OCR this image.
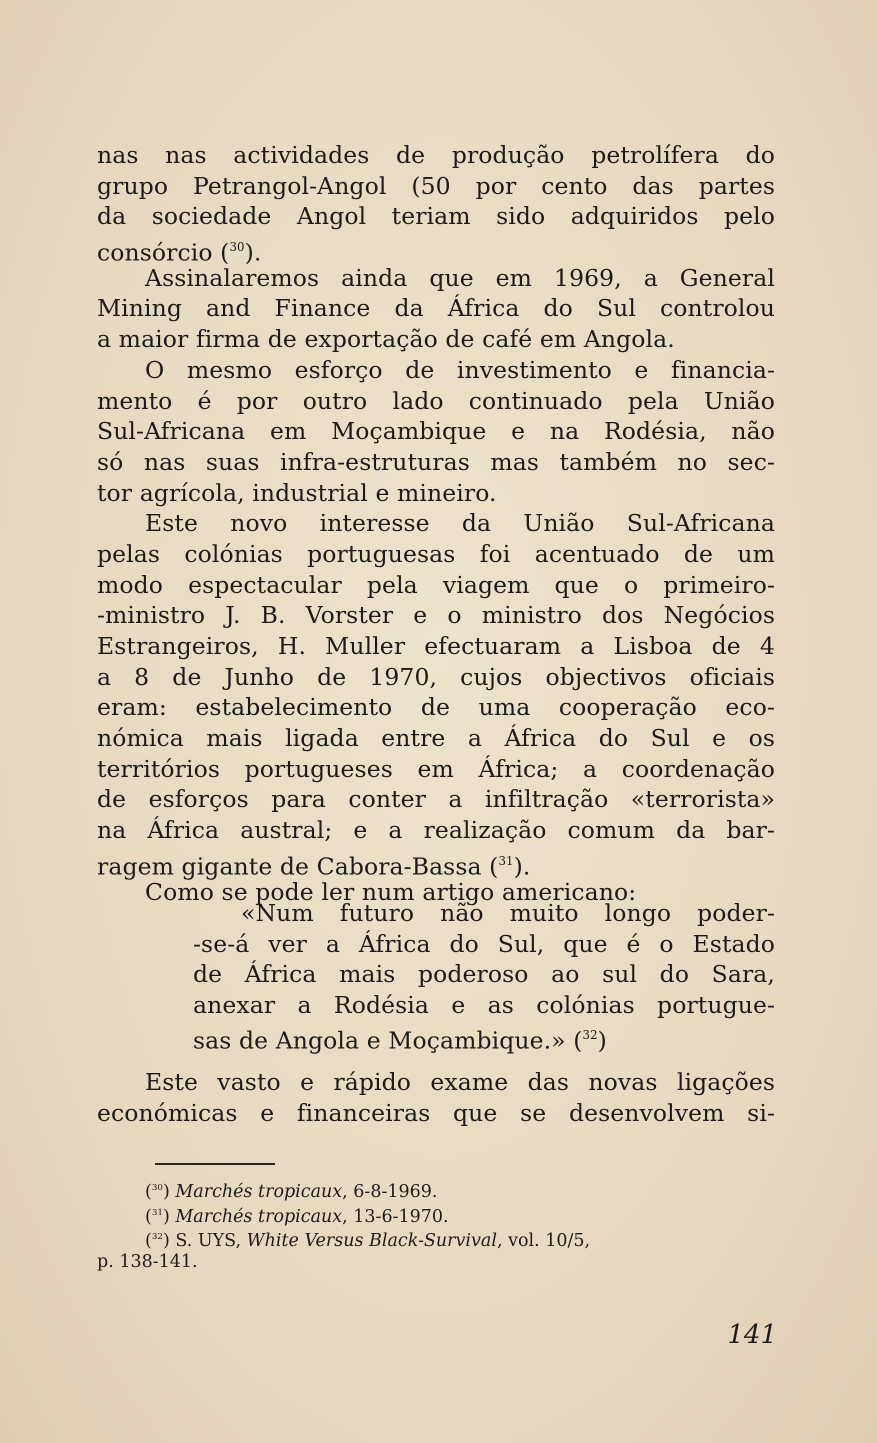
nas nas actividades de produção petrolífera do
grupo Petrangol-Angol (50 por cento das partes
da sociedade Angol teriam sido adquiridos pelo
consórcio ($^{30}$).
Assinalaremos ainda que em 1969, a General
Mining and Finance da África do Sul controlou
a maior firma de exportação de café em Angola.
O mesmo esforço de investimento e financia-
mento é por outro lado continuado pela União
Sul-Africana em Moçambique e na Rodésia, não
só nas suas infra-estruturas mas também no sec-
tor agrícola, industrial e mineiro.
Este novo interesse da União Sul-Africana
pelas colónias portuguesas foi acentuado de um
modo espectacular pela viagem que o primeiro-
-ministro J. B. Vorster e o ministro dos Negócios
Estrangeiros, H. Muller efectuaram a Lisboa de 4
a 8 de Junho de 1970, cujos objectivos oficiais
eram: estabelecimento de uma cooperação eco-
nómica mais ligada entre a África do Sul e os
territórios portugueses em África; a coordenação
de esforços para conter a infiltração «terrorista»
na África austral; e a realização comum da bar-
ragem gigante de Cabora-Bassa ($^{31}$).
Como se pode ler num artigo americano:
«Num futuro não muito longo poder-
-se-á ver a África do Sul, que é o Estado
de África mais poderoso ao sul do Sara,
anexar a Rodésia e as colónias portugue-
sas de Angola e Moçambique.» ($^{32}$)
Este vasto e rápido exame das novas ligações
económicas e financeiras que se desenvolvem si-
($^{30}$) Marchés tropicaux, 6-8-1969.
($^{31}$) Marchés tropicaux, 13-6-1970.
($^{32}$) S. UYS, White Versus Black-Survival, vol. 10/5,
p. 138-141.
141
